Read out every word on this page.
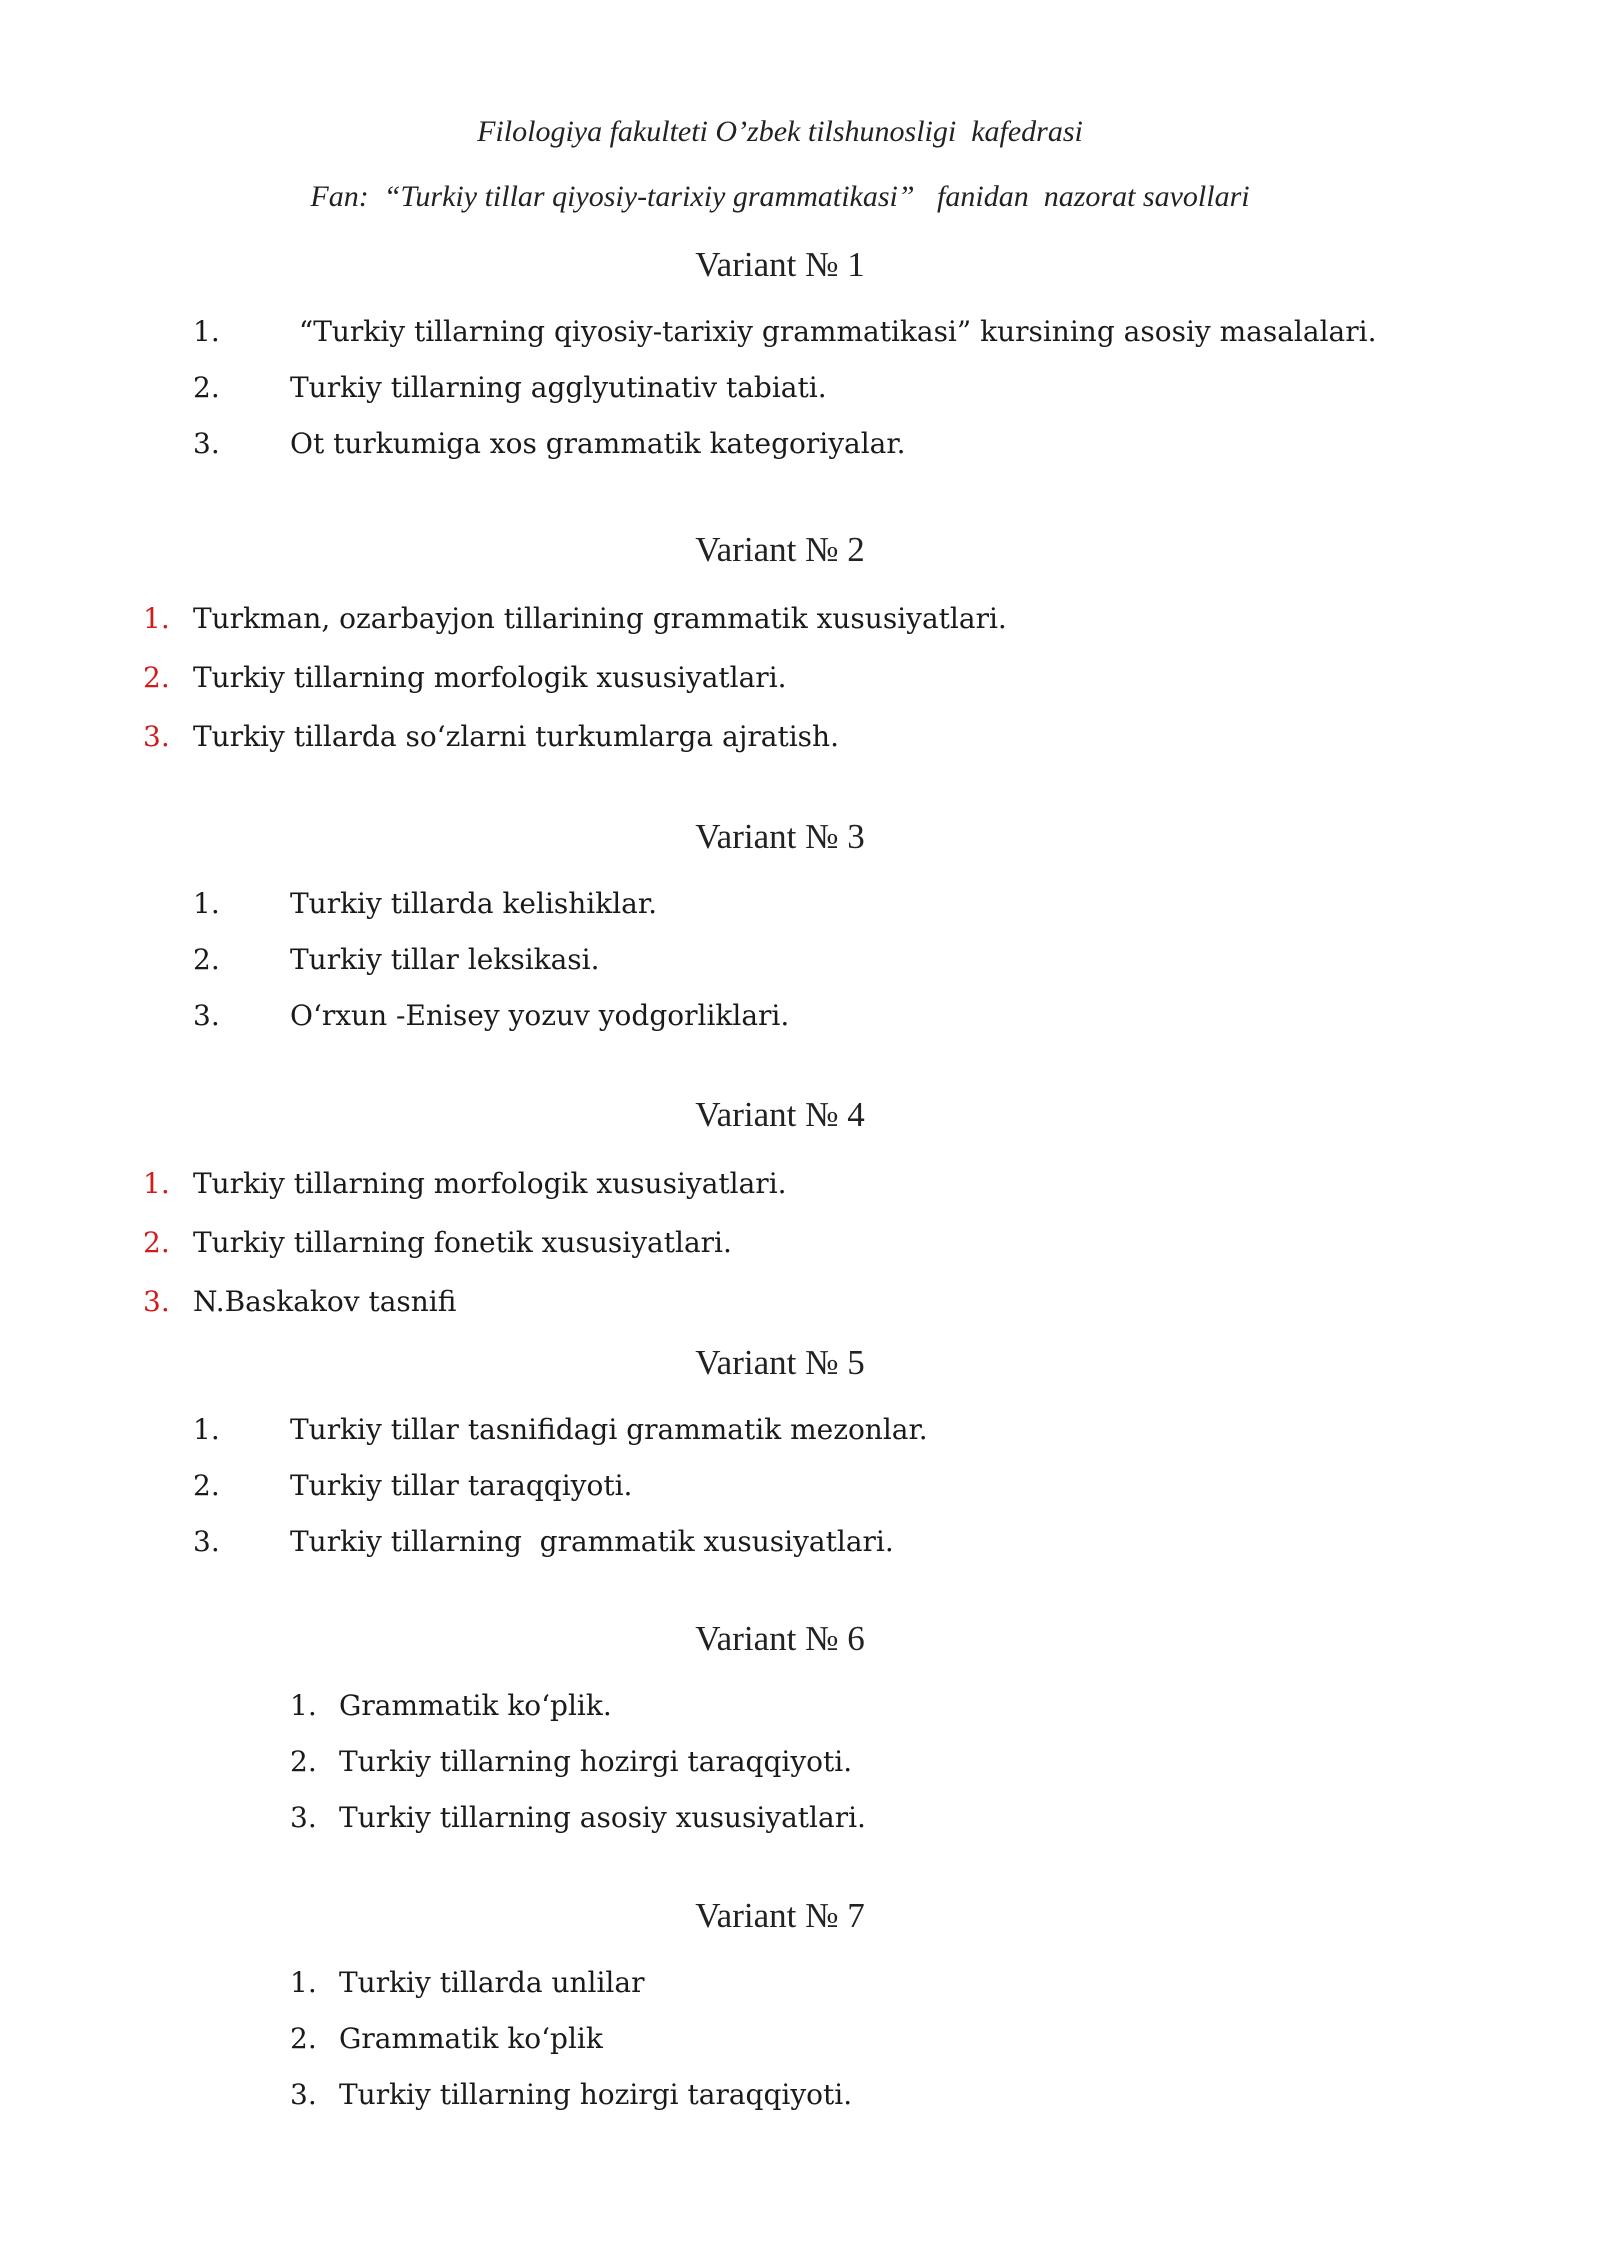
Filologiya fakulteti O’zbek tilshunosligi  kafedrasi
Fan:  “Turkiy tillar qiyosiy-tarixiy grammatikasi”   fanidan  nazorat savollari
Variant № 1
1.	“Turkiy tillarning qiyosiy-tarixiy grammatikasi” kursining asosiy masalalari.
2.	Turkiy tillarning agglyutinativ tabiati.
3.	Ot turkumiga xos grammatik kategoriyalar.
Variant № 2
1. Turkman, ozarbayjon tillarining grammatik xususiyatlari.
2. Turkiy tillarning morfologik xususiyatlari.
3. Turkiy tillarda so‘zlarni turkumlarga ajratish.
Variant № 3
1.	Turkiy tillarda kelishiklar.
2.	Turkiy tillar leksikasi.
3.	O‘rxun -Enisey yozuv yodgorliklari.
Variant № 4
1. Turkiy tillarning morfologik xususiyatlari.
2. Turkiy tillarning fonetik xususiyatlari.
3. N.Baskakov tasnifi
Variant № 5
1.	Turkiy tillar tasnifidagi grammatik mezonlar.
2.	Turkiy tillar taraqqiyoti.
3.	Turkiy tillarning  grammatik xususiyatlari.
Variant № 6
1. Grammatik ko‘plik.
2. Turkiy tillarning hozirgi taraqqiyoti.
3. Turkiy tillarning asosiy xususiyatlari.
Variant № 7
1. Turkiy tillarda unlilar
2. Grammatik ko‘plik
3. Turkiy tillarning hozirgi taraqqiyoti.
